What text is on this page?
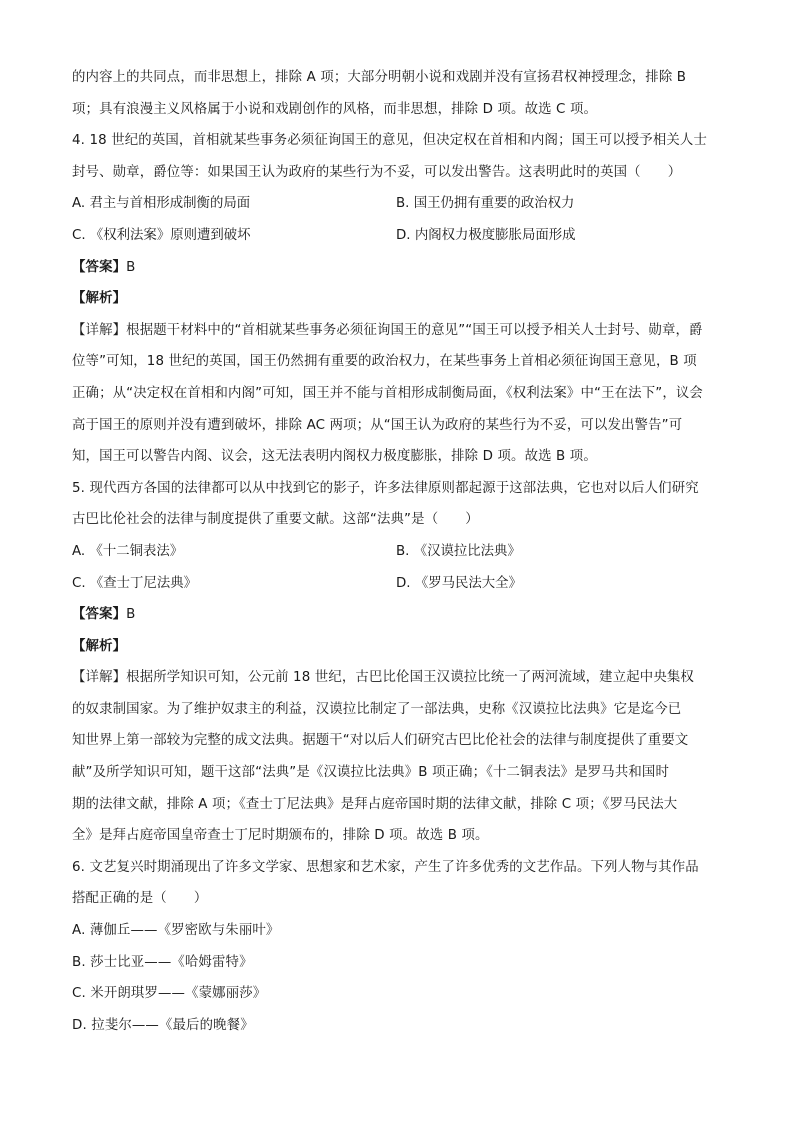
的内容上的共同点，而非思想上，排除 A 项；大部分明朝小说和戏剧并没有宣扬君权神授理念，排除 B
项；具有浪漫主义风格属于小说和戏剧创作的风格，而非思想，排除 D 项。故选 C 项。
4. 18 世纪的英国，首相就某些事务必须征询国王的意见，但决定权在首相和内阁；国王可以授予相关人士
封号、勋章，爵位等：如果国王认为政府的某些行为不妥，可以发出警告。这表明此时的英国（　　）
A. 君主与首相形成制衡的局面	B. 国王仍拥有重要的政治权力
C. 《权利法案》原则遭到破坏	D. 内阁权力极度膨胀局面形成
【答案】B
【解析】
【详解】根据题干材料中的“首相就某些事务必须征询国王的意见”“国王可以授予相关人士封号、勋章，爵
位等”可知，18 世纪的英国，国王仍然拥有重要的政治权力，在某些事务上首相必须征询国王意见，B 项
正确；从“决定权在首相和内阁”可知，国王并不能与首相形成制衡局面，《权利法案》中“王在法下”，议会
高于国王的原则并没有遭到破坏，排除 AC 两项；从“国王认为政府的某些行为不妥，可以发出警告”可
知，国王可以警告内阁、议会，这无法表明内阁权力极度膨胀，排除 D 项。故选 B 项。
5. 现代西方各国的法律都可以从中找到它的影子，许多法律原则都起源于这部法典，它也对以后人们研究
古巴比伦社会的法律与制度提供了重要文献。这部“法典”是（　　）
A. 《十二铜表法》	B. 《汉谟拉比法典》
C. 《查士丁尼法典》	D. 《罗马民法大全》
【答案】B
【解析】
【详解】根据所学知识可知，公元前 18 世纪，古巴比伦国王汉谟拉比统一了两河流域，建立起中央集权
的奴隶制国家。为了维护奴隶主的利益，汉谟拉比制定了一部法典，史称《汉谟拉比法典》它是迄今已
知世界上第一部较为完整的成文法典。据题干“对以后人们研究古巴比伦社会的法律与制度提供了重要文
献”及所学知识可知，题干这部“法典”是《汉谟拉比法典》B 项正确；《十二铜表法》是罗马共和国时
期的法律文献，排除 A 项；《查士丁尼法典》是拜占庭帝国时期的法律文献，排除 C 项；《罗马民法大
全》是拜占庭帝国皇帝查士丁尼时期颁布的，排除 D 项。故选 B 项。
6. 文艺复兴时期涌现出了许多文学家、思想家和艺术家，产生了许多优秀的文艺作品。下列人物与其作品
搭配正确的是（　　）
A. 薄伽丘——《罗密欧与朱丽叶》
B. 莎士比亚——《哈姆雷特》
C. 米开朗琪罗——《蒙娜丽莎》
D. 拉斐尔——《最后的晚餐》
